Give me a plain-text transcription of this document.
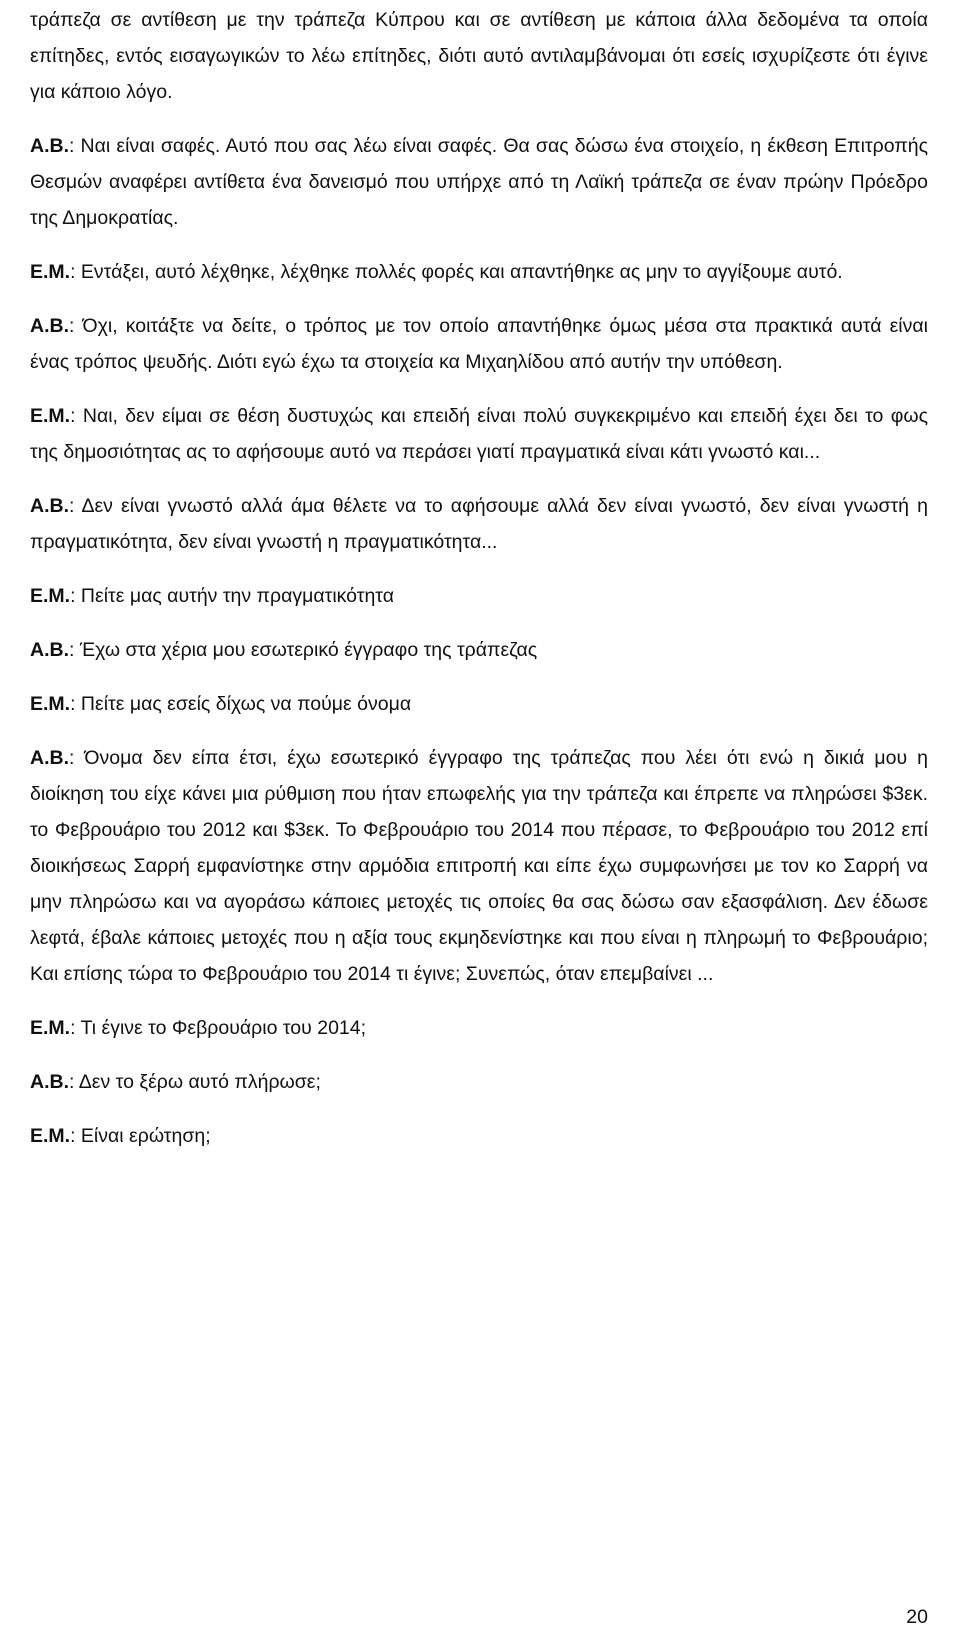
τράπεζα σε αντίθεση με την τράπεζα Κύπρου και σε αντίθεση με κάποια άλλα δεδομένα τα οποία επίτηδες, εντός εισαγωγικών το λέω επίτηδες, διότι αυτό αντιλαμβάνομαι ότι εσείς ισχυρίζεστε ότι έγινε για κάποιο λόγο.

Α.Β.: Ναι είναι σαφές. Αυτό που σας λέω είναι σαφές. Θα σας δώσω ένα στοιχείο, η έκθεση Επιτροπής Θεσμών αναφέρει αντίθετα ένα δανεισμό που υπήρχε από τη Λαϊκή τράπεζα σε έναν πρώην Πρόεδρο της Δημοκρατίας.

Ε.Μ.: Εντάξει, αυτό λέχθηκε, λέχθηκε πολλές φορές και απαντήθηκε ας μην το αγγίξουμε αυτό.

Α.Β.: Όχι, κοιτάξτε να δείτε, ο τρόπος με τον οποίο απαντήθηκε όμως μέσα στα πρακτικά αυτά είναι ένας τρόπος ψευδής. Διότι εγώ έχω τα στοιχεία κα Μιχαηλίδου από αυτήν την υπόθεση.

Ε.Μ.: Ναι, δεν είμαι σε θέση δυστυχώς και επειδή είναι πολύ συγκεκριμένο και επειδή έχει δει το φως της δημοσιότητας ας το αφήσουμε αυτό να περάσει γιατί πραγματικά είναι κάτι γνωστό και...

Α.Β.: Δεν είναι γνωστό αλλά άμα θέλετε να το αφήσουμε αλλά δεν είναι γνωστό, δεν είναι γνωστή η πραγματικότητα, δεν είναι γνωστή η πραγματικότητα...

Ε.Μ.: Πείτε μας αυτήν την πραγματικότητα

Α.Β.: Έχω στα χέρια μου εσωτερικό έγγραφο της τράπεζας

Ε.Μ.: Πείτε μας εσείς δίχως να πούμε όνομα

Α.Β.: Όνομα δεν είπα έτσι, έχω εσωτερικό έγγραφο της τράπεζας που λέει ότι ενώ η δικιά μου η διοίκηση του είχε κάνει μια ρύθμιση που ήταν επωφελής για την τράπεζα και έπρεπε να πληρώσει $3εκ. το Φεβρουάριο του 2012 και $3εκ. Το Φεβρουάριο του 2014 που πέρασε, το Φεβρουάριο του 2012 επί διοικήσεως Σαρρή εμφανίστηκε στην αρμόδια επιτροπή και είπε έχω συμφωνήσει με τον κο Σαρρή να μην πληρώσω και να αγοράσω κάποιες μετοχές τις οποίες θα σας δώσω σαν εξασφάλιση. Δεν έδωσε λεφτά, έβαλε κάποιες μετοχές που η αξία τους εκμηδενίστηκε και που είναι η πληρωμή το Φεβρουάριο; Και επίσης τώρα το Φεβρουάριο του 2014 τι έγινε; Συνεπώς, όταν επεμβαίνει ...

Ε.Μ.: Τι έγινε το Φεβρουάριο του 2014;

Α.Β.: Δεν το ξέρω αυτό πλήρωσε;

Ε.Μ.: Είναι ερώτηση;

20
